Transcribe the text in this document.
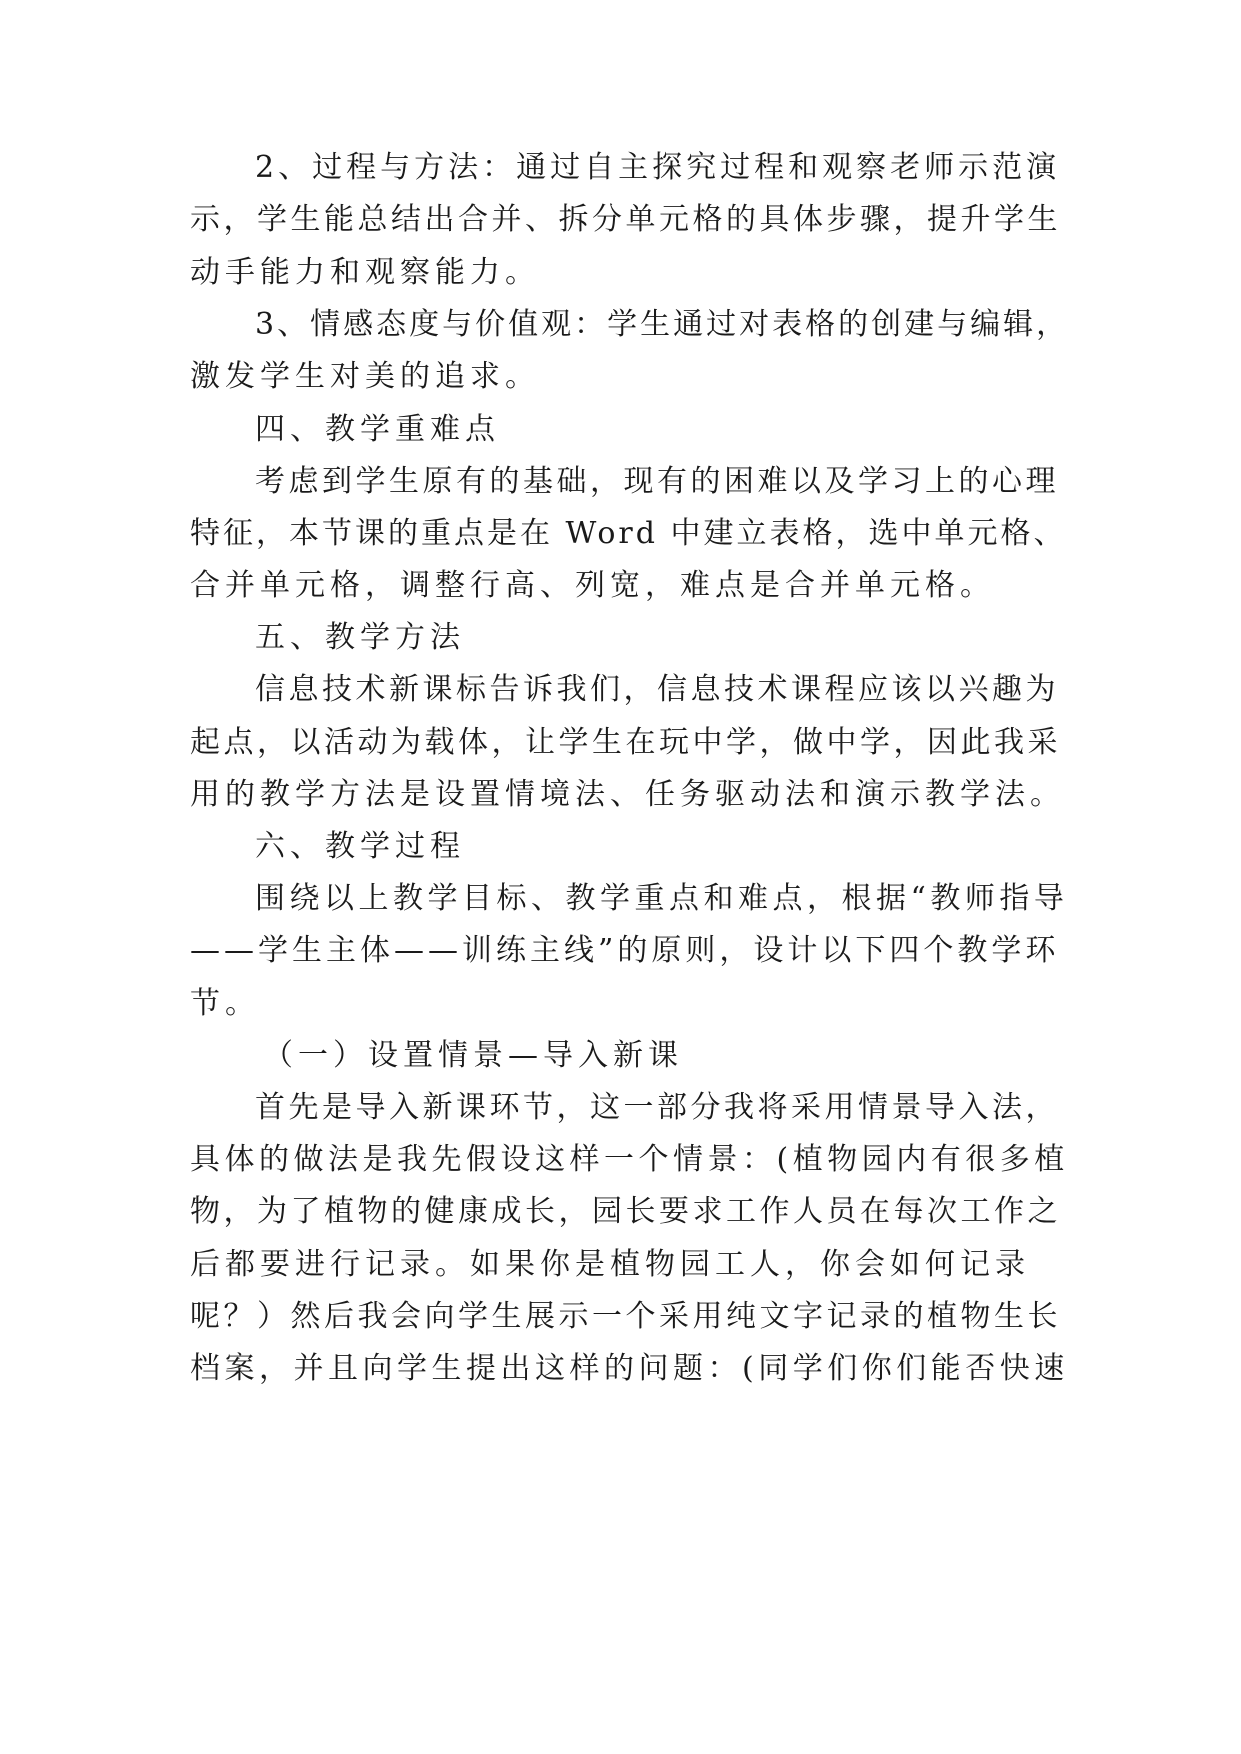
2、过程与方法：通过自主探究过程和观察老师示范演
示，学生能总结出合并、拆分单元格的具体步骤，提升学生
动手能力和观察能力。
3、情感态度与价值观：学生通过对表格的创建与编辑，
激发学生对美的追求。
四、教学重难点
考虑到学生原有的基础，现有的困难以及学习上的心理
特征，本节课的重点是在 Word 中建立表格，选中单元格、
合并单元格，调整行高、列宽，难点是合并单元格。
五、教学方法
信息技术新课标告诉我们，信息技术课程应该以兴趣为
起点，以活动为载体，让学生在玩中学，做中学，因此我采
用的教学方法是设置情境法、任务驱动法和演示教学法。
六、教学过程
围绕以上教学目标、教学重点和难点，根据“教师指导
——学生主体——训练主线”的原则，设计以下四个教学环
节。
（一）设置情景—导入新课
首先是导入新课环节，这一部分我将采用情景导入法，
具体的做法是我先假设这样一个情景：(植物园内有很多植
物，为了植物的健康成长，园长要求工作人员在每次工作之
后都要进行记录。如果你是植物园工人，你会如何记录
呢？）然后我会向学生展示一个采用纯文字记录的植物生长
档案，并且向学生提出这样的问题：(同学们你们能否快速
